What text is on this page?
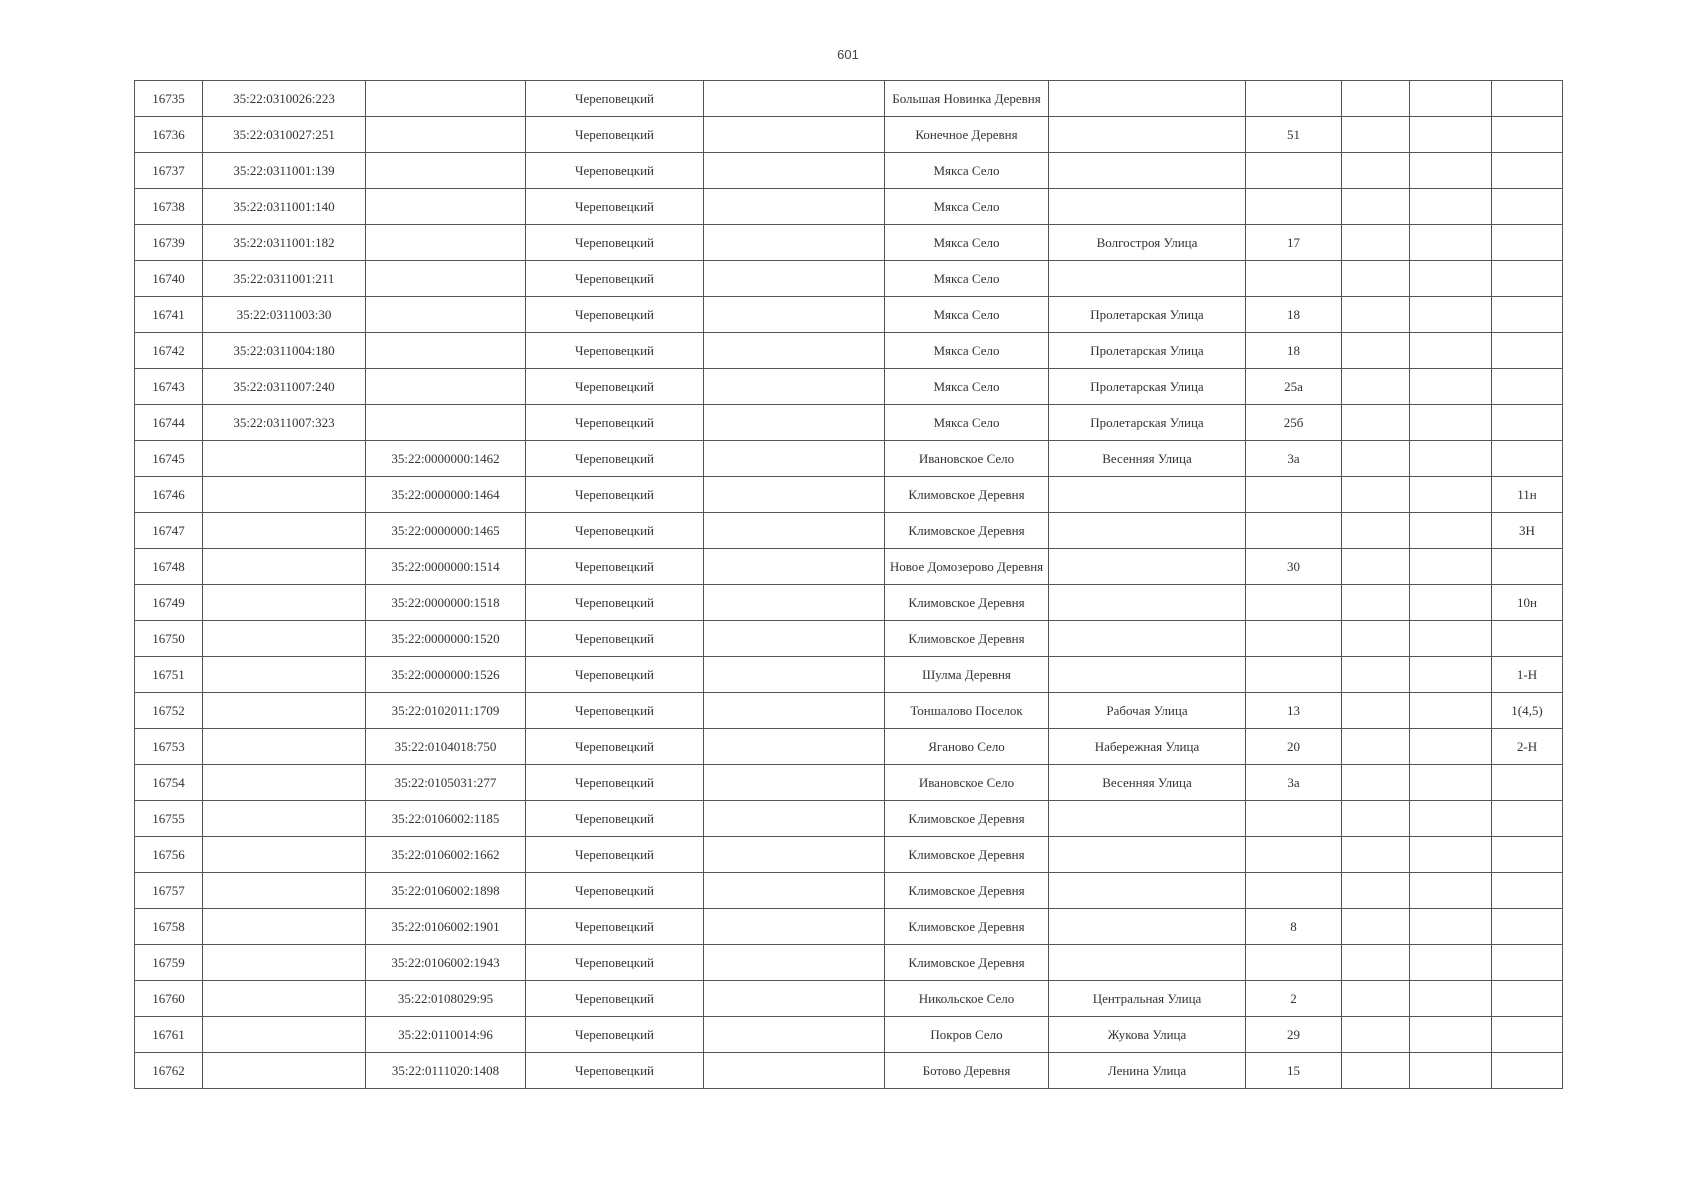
601
16735	35:22:0310026:223		Череповецкий		Большая Новинка Деревня					
16736	35:22:0310027:251		Череповецкий		Конечное Деревня		51			
16737	35:22:0311001:139		Череповецкий		Мякса Село					
16738	35:22:0311001:140		Череповецкий		Мякса Село					
16739	35:22:0311001:182		Череповецкий		Мякса Село	Волгостроя Улица	17			
16740	35:22:0311001:211		Череповецкий		Мякса Село					
16741	35:22:0311003:30		Череповецкий		Мякса Село	Пролетарская Улица	18			
16742	35:22:0311004:180		Череповецкий		Мякса Село	Пролетарская Улица	18			
16743	35:22:0311007:240		Череповецкий		Мякса Село	Пролетарская Улица	25а			
16744	35:22:0311007:323		Череповецкий		Мякса Село	Пролетарская Улица	25б			
16745		35:22:0000000:1462	Череповецкий		Ивановское Село	Весенняя Улица	3а			
16746		35:22:0000000:1464	Череповецкий		Климовское Деревня					11н
16747		35:22:0000000:1465	Череповецкий		Климовское Деревня					3Н
16748		35:22:0000000:1514	Череповецкий		Новое Домозерово Деревня		30			
16749		35:22:0000000:1518	Череповецкий		Климовское Деревня					10н
16750		35:22:0000000:1520	Череповецкий		Климовское Деревня					
16751		35:22:0000000:1526	Череповецкий		Шулма Деревня					1-Н
16752		35:22:0102011:1709	Череповецкий		Тоншалово Поселок	Рабочая Улица	13			1(4,5)
16753		35:22:0104018:750	Череповецкий		Яганово Село	Набережная Улица	20			2-Н
16754		35:22:0105031:277	Череповецкий		Ивановское Село	Весенняя Улица	3а			
16755		35:22:0106002:1185	Череповецкий		Климовское Деревня					
16756		35:22:0106002:1662	Череповецкий		Климовское Деревня					
16757		35:22:0106002:1898	Череповецкий		Климовское Деревня					
16758		35:22:0106002:1901	Череповецкий		Климовское Деревня		8			
16759		35:22:0106002:1943	Череповецкий		Климовское Деревня					
16760		35:22:0108029:95	Череповецкий		Никольское Село	Центральная Улица	2			
16761		35:22:0110014:96	Череповецкий		Покров Село	Жукова Улица	29			
16762		35:22:0111020:1408	Череповецкий		Ботово Деревня	Ленина Улица	15			
